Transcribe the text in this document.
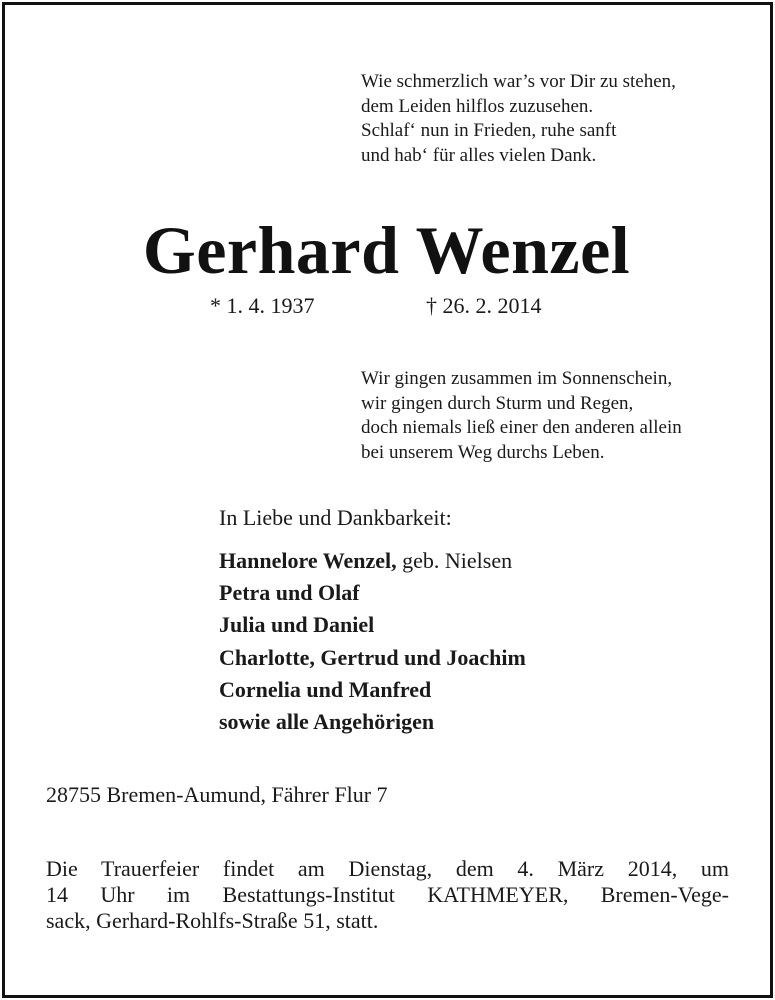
Wie schmerzlich war’s vor Dir zu stehen,
dem Leiden hilflos zuzusehen.
Schlaf‘ nun in Frieden, ruhe sanft
und hab‘ für alles vielen Dank.
Gerhard Wenzel
* 1. 4. 1937	† 26. 2. 2014
Wir gingen zusammen im Sonnenschein,
wir gingen durch Sturm und Regen,
doch niemals ließ einer den anderen allein
bei unserem Weg durchs Leben.
In Liebe und Dankbarkeit:
Hannelore Wenzel, geb. Nielsen
Petra und Olaf
Julia und Daniel
Charlotte, Gertrud und Joachim
Cornelia und Manfred
sowie alle Angehörigen
28755 Bremen-Aumund, Fährer Flur 7
Die Trauerfeier findet am Dienstag, dem 4. März 2014, um
14 Uhr im Bestattungs-Institut KATHMEYER, Bremen-Vege-
sack, Gerhard-Rohlfs-Straße 51, statt.
